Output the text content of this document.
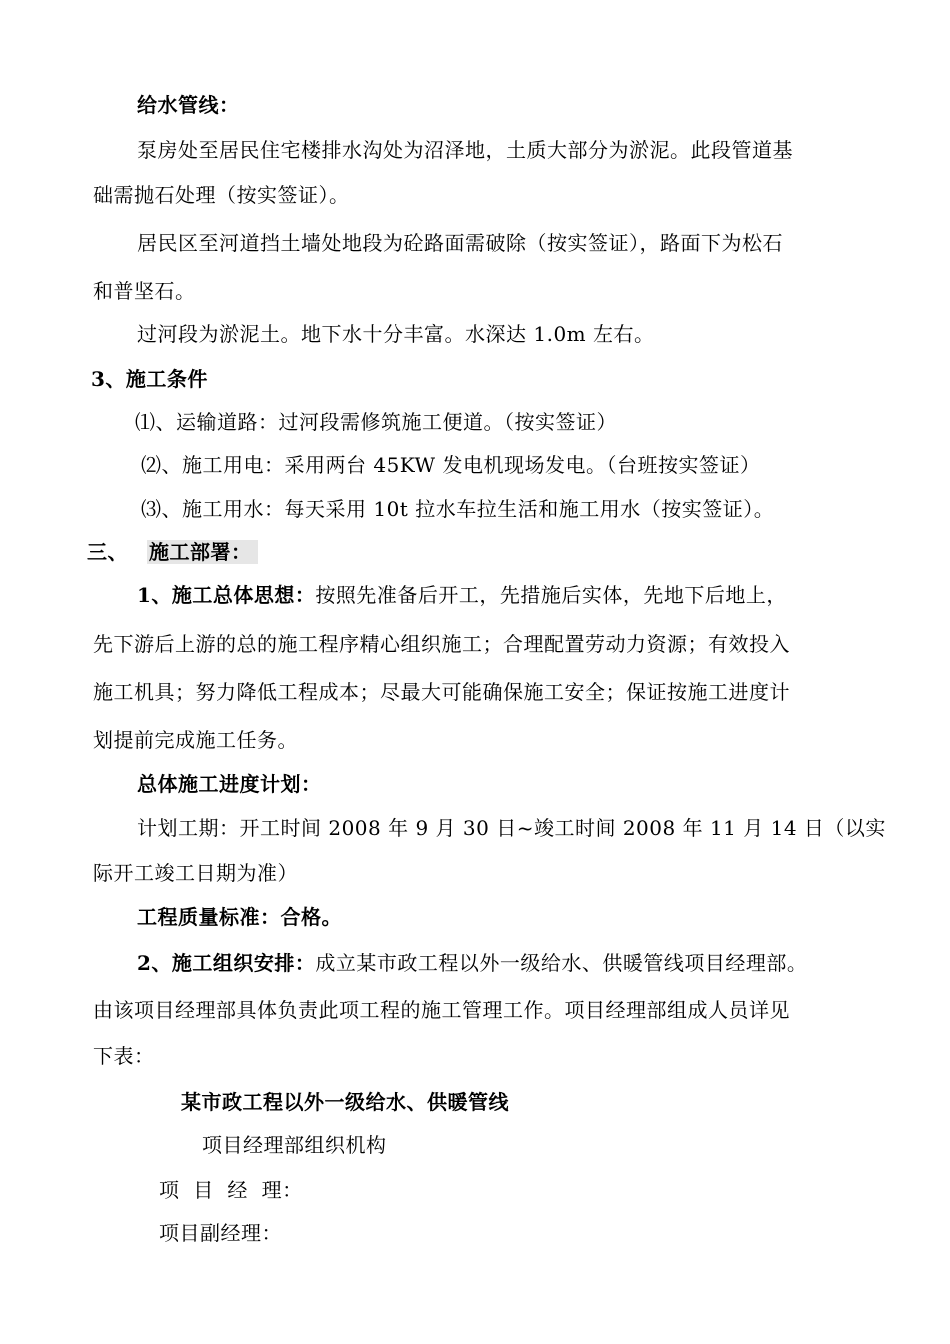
给水管线：
泵房处至居民住宅楼排水沟处为沼泽地，土质大部分为淤泥。此段管道基
础需抛石处理（按实签证）。
居民区至河道挡土墙处地段为砼路面需破除（按实签证），路面下为松石
和普坚石。
过河段为淤泥土。地下水十分丰富。水深达 1.0m 左右。
3、施工条件
⑴、运输道路：过河段需修筑施工便道。（按实签证）
⑵、施工用电：采用两台 45KW 发电机现场发电。（台班按实签证）
⑶、施工用水：每天采用 10t 拉水车拉生活和施工用水（按实签证）。
三、 施工部署：
1、施工总体思想：按照先准备后开工，先措施后实体，先地下后地上，
先下游后上游的总的施工程序精心组织施工；合理配置劳动力资源；有效投入
施工机具；努力降低工程成本；尽最大可能确保施工安全；保证按施工进度计
划提前完成施工任务。
总体施工进度计划：
计划工期：开工时间 2008 年 9 月 30 日~竣工时间 2008 年 11 月 14 日（以实
际开工竣工日期为准）
工程质量标准：合格。
2、施工组织安排：成立某市政工程以外一级给水、供暖管线项目经理部。
由该项目经理部具体负责此项工程的施工管理工作。项目经理部组成人员详见
下表：
某市政工程以外一级给水、供暖管线
项目经理部组织机构
项  目  经  理：
项目副经理：
